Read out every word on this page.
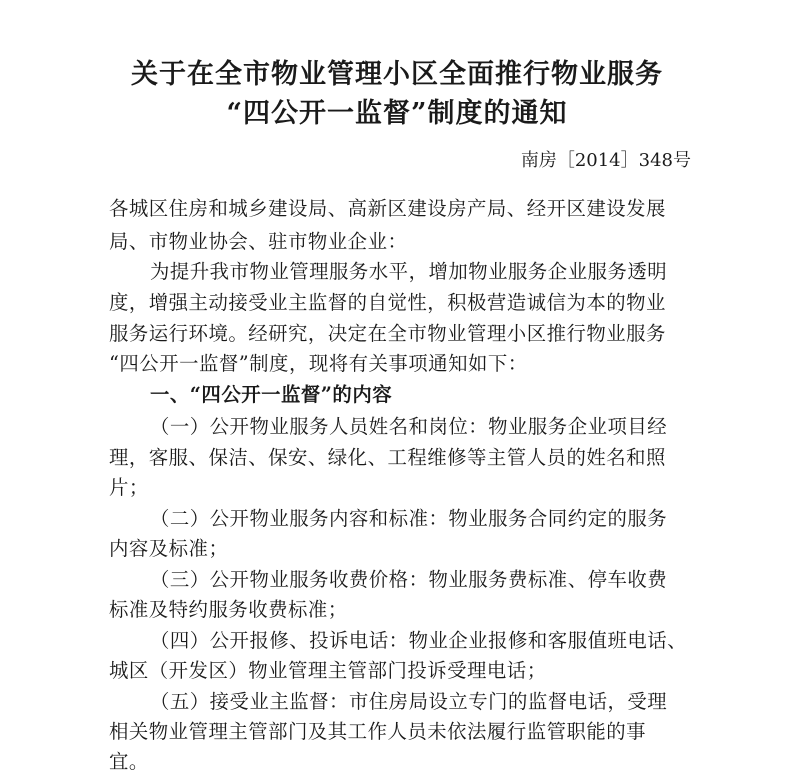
关于在全市物业管理小区全面推行物业服务
“四公开一监督”制度的通知
南房［2014］348号
各城区住房和城乡建设局、高新区建设房产局、经开区建设发展
局、市物业协会、驻市物业企业：
为提升我市物业管理服务水平，增加物业服务企业服务透明
度，增强主动接受业主监督的自觉性，积极营造诚信为本的物业
服务运行环境。经研究，决定在全市物业管理小区推行物业服务
“四公开一监督”制度，现将有关事项通知如下：
一、“四公开一监督”的内容
（一）公开物业服务人员姓名和岗位：物业服务企业项目经
理，客服、保洁、保安、绿化、工程维修等主管人员的姓名和照
片；
（二）公开物业服务内容和标准：物业服务合同约定的服务
内容及标准；
（三）公开物业服务收费价格：物业服务费标准、停车收费
标准及特约服务收费标准；
（四）公开报修、投诉电话：物业企业报修和客服值班电话、
城区（开发区）物业管理主管部门投诉受理电话；
（五）接受业主监督：市住房局设立专门的监督电话，受理
相关物业管理主管部门及其工作人员未依法履行监管职能的事
宜。
